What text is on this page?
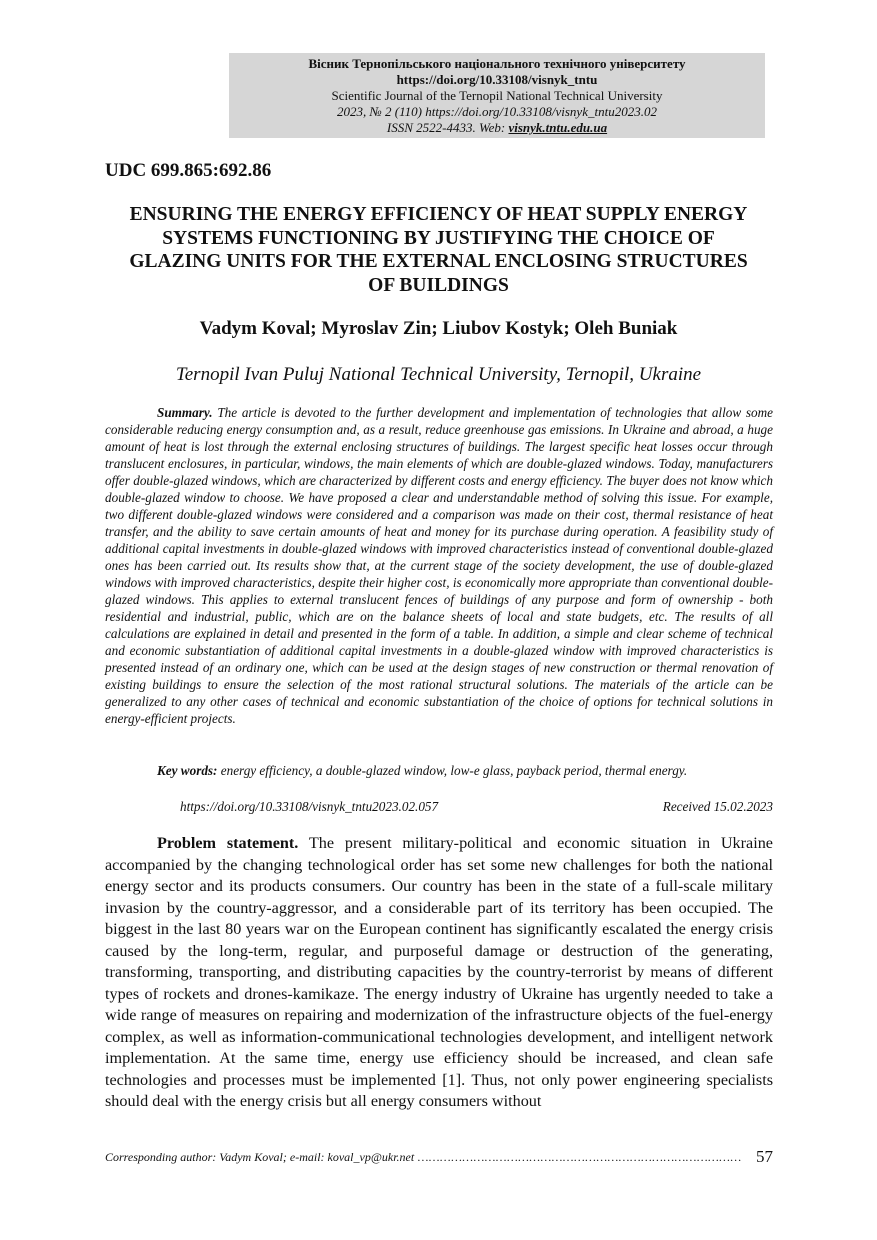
Вісник Тернопільського національного технічного університету
https://doi.org/10.33108/visnyk_tntu
Scientific Journal of the Ternopil National Technical University
2023, № 2 (110) https://doi.org/10.33108/visnyk_tntu2023.02
ISSN 2522-4433. Web: visnyk.tntu.edu.ua
UDC 699.865:692.86
ENSURING THE ENERGY EFFICIENCY OF HEAT SUPPLY ENERGY
SYSTEMS FUNCTIONING BY JUSTIFYING THE CHOICE OF
GLAZING UNITS FOR THE EXTERNAL ENCLOSING STRUCTURES
OF BUILDINGS
Vadym Koval; Myroslav Zin; Liubov Kostyk; Oleh Buniak
Ternopil Ivan Puluj National Technical University, Ternopil, Ukraine

Summary. The article is devoted to the further development and implementation of technologies that allow some considerable reducing energy consumption and, as a result, reduce greenhouse gas emissions. In Ukraine and abroad, a huge amount of heat is lost through the external enclosing structures of buildings. The largest specific heat losses occur through translucent enclosures, in particular, windows, the main elements of which are double-glazed windows. Today, manufacturers offer double-glazed windows, which are characterized by different costs and energy efficiency. The buyer does not know which double-glazed window to choose. We have proposed a clear and understandable method of solving this issue. For example, two different double-glazed windows were considered and a comparison was made on their cost, thermal resistance of heat transfer, and the ability to save certain amounts of heat and money for its purchase during operation. A feasibility study of additional capital investments in double-glazed windows with improved characteristics instead of conventional double-glazed ones has been carried out. Its results show that, at the current stage of the society development, the use of double-glazed windows with improved characteristics, despite their higher cost, is economically more appropriate than conventional double-glazed windows. This applies to external translucent fences of buildings of any purpose and form of ownership - both residential and industrial, public, which are on the balance sheets of local and state budgets, etc. The results of all calculations are explained in detail and presented in the form of a table. In addition, a simple and clear scheme of technical and economic substantiation of additional capital investments in a double-glazed window with improved characteristics is presented instead of an ordinary one, which can be used at the design stages of new construction or thermal renovation of existing buildings to ensure the selection of the most rational structural solutions. The materials of the article can be generalized to any other cases of technical and economic substantiation of the choice of options for technical solutions in energy-efficient projects.

Key words: energy efficiency, a double-glazed window, low-e glass, payback period, thermal energy.

https://doi.org/10.33108/visnyk_tntu2023.02.057	Received 15.02.2023

Problem statement. The present military-political and economic situation in Ukraine accompanied by the changing technological order has set some new challenges for both the national energy sector and its products consumers. Our country has been in the state of a full-scale military invasion by the country-aggressor, and a considerable part of its territory has been occupied. The biggest in the last 80 years war on the European continent has significantly escalated the energy crisis caused by the long-term, regular, and purposeful damage or destruction of the generating, transforming, transporting, and distributing capacities by the country-terrorist by means of different types of rockets and drones-kamikaze. The energy industry of Ukraine has urgently needed to take a wide range of measures on repairing and modernization of the infrastructure objects of the fuel-energy complex, as well as information-communicational technologies development, and intelligent network implementation. At the same time, energy use efficiency should be increased, and clean safe technologies and processes must be implemented [1]. Thus, not only power engineering specialists should deal with the energy crisis but all energy consumers without

Corresponding author: Vadym Koval; e-mail: koval_vp@ukr.net …………………………………………………………………………… 57
